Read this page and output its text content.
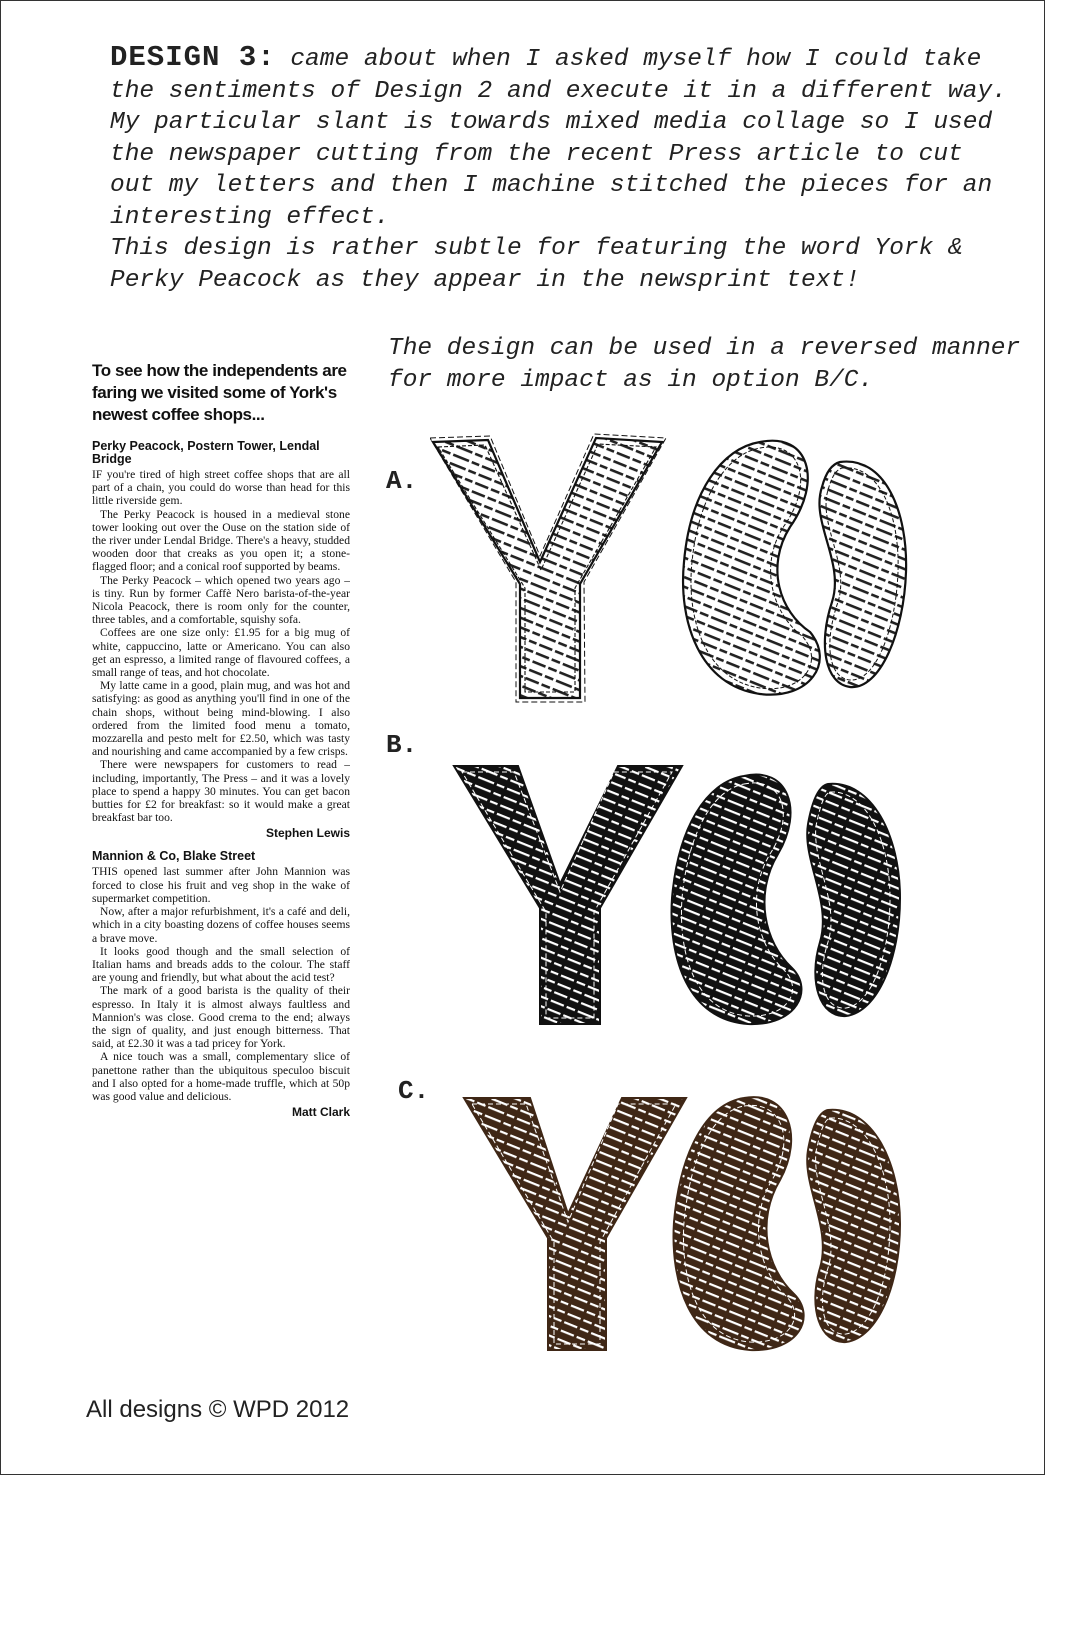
DESIGN 3: came about when I asked myself how I could take the sentiments of Design 2 and execute it in a different way. My particular slant is towards mixed media collage so I used the newspaper cutting from the recent Press article to cut out my letters and then I machine stitched the pieces for an interesting effect.

This design is rather subtle for featuring the word York & Perky Peacock as they appear in the newsprint text!

The design can be used in a reversed manner for more impact as in option B/C.

To see how the independents are faring we visited some of York's newest coffee shops...

Perky Peacock, Postern Tower, Lendal Bridge

IF you're tired of high street coffee shops that are all part of a chain, you could do worse than head for this little riverside gem.

The Perky Peacock is housed in a medieval stone tower looking out over the Ouse on the station side of the river under Lendal Bridge. There's a heavy, studded wooden door that creaks as you open it; a stone-flagged floor; and a conical roof supported by beams.

The Perky Peacock – which opened two years ago – is tiny. Run by former Caffè Nero barista-of-the-year Nicola Peacock, there is room only for the counter, three tables, and a comfortable, squishy sofa.

Coffees are one size only: £1.95 for a big mug of white, cappuccino, latte or Americano. You can also get an espresso, a limited range of flavoured coffees, a small range of teas, and hot chocolate.

My latte came in a good, plain mug, and was hot and satisfying: as good as anything you'll find in one of the chain shops, without being mind-blowing. I also ordered from the limited food menu a tomato, mozzarella and pesto melt for £2.50, which was tasty and nourishing and came accompanied by a few crisps.

There were newspapers for customers to read – including, importantly, The Press – and it was a lovely place to spend a happy 30 minutes. You can get bacon butties for £2 for breakfast: so it would make a great breakfast bar too.

Stephen Lewis

Mannion & Co, Blake Street

THIS opened last summer after John Mannion was forced to close his fruit and veg shop in the wake of supermarket competition.

Now, after a major refurbishment, it's a café and deli, which in a city boasting dozens of coffee houses seems a brave move.

It looks good though and the small selection of Italian hams and breads adds to the colour. The staff are young and friendly, but what about the acid test?

The mark of a good barista is the quality of their espresso. In Italy it is almost always faultless and Mannion's was close. Good crema to the end; always the sign of quality, and just enough bitterness. That said, at £2.30 it was a tad pricey for York.

A nice touch was a small, complementary slice of panettone rather than the ubiquitous speculoo biscuit and I also opted for a home-made truffle, which at 50p was good value and delicious.

Matt Clark

A.
B.
C.
All designs © WPD 2012
